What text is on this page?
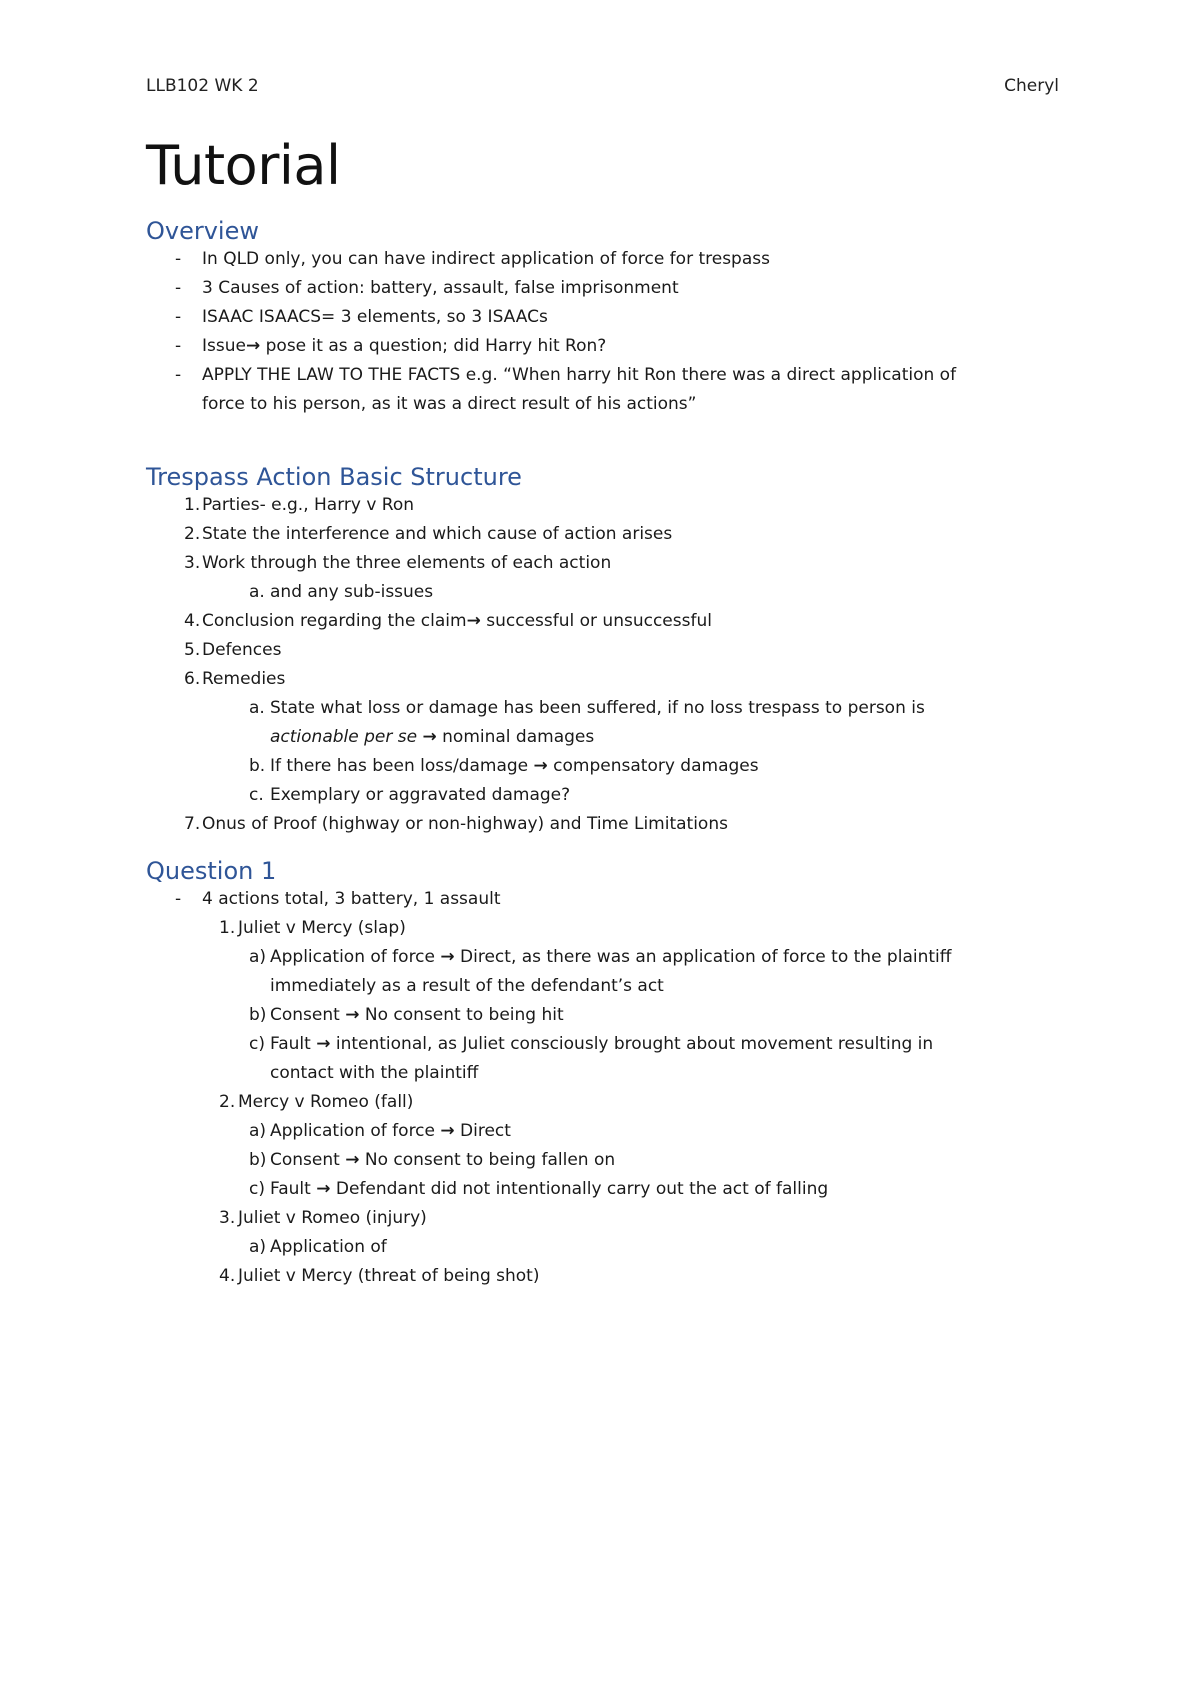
LLB102 WK 2	Cheryl
Tutorial
Overview
- In QLD only, you can have indirect application of force for trespass
- 3 Causes of action: battery, assault, false imprisonment
- ISAAC ISAACS= 3 elements, so 3 ISAACs
- Issue→ pose it as a question; did Harry hit Ron?
- APPLY THE LAW TO THE FACTS e.g. “When harry hit Ron there was a direct application of
force to his person, as it was a direct result of his actions”
Trespass Action Basic Structure
1. Parties- e.g., Harry v Ron
2. State the interference and which cause of action arises
3. Work through the three elements of each action
a. and any sub-issues
4. Conclusion regarding the claim→ successful or unsuccessful
5. Defences
6. Remedies
a. State what loss or damage has been suffered, if no loss trespass to person is
actionable per se → nominal damages
b. If there has been loss/damage → compensatory damages
c. Exemplary or aggravated damage?
7. Onus of Proof (highway or non-highway) and Time Limitations
Question 1
- 4 actions total, 3 battery, 1 assault
1. Juliet v Mercy (slap)
a) Application of force → Direct, as there was an application of force to the plaintiff
immediately as a result of the defendant’s act
b) Consent → No consent to being hit
c) Fault → intentional, as Juliet consciously brought about movement resulting in
contact with the plaintiff
2. Mercy v Romeo (fall)
a) Application of force → Direct
b) Consent → No consent to being fallen on
c) Fault → Defendant did not intentionally carry out the act of falling
3. Juliet v Romeo (injury)
a) Application of
4. Juliet v Mercy (threat of being shot)
